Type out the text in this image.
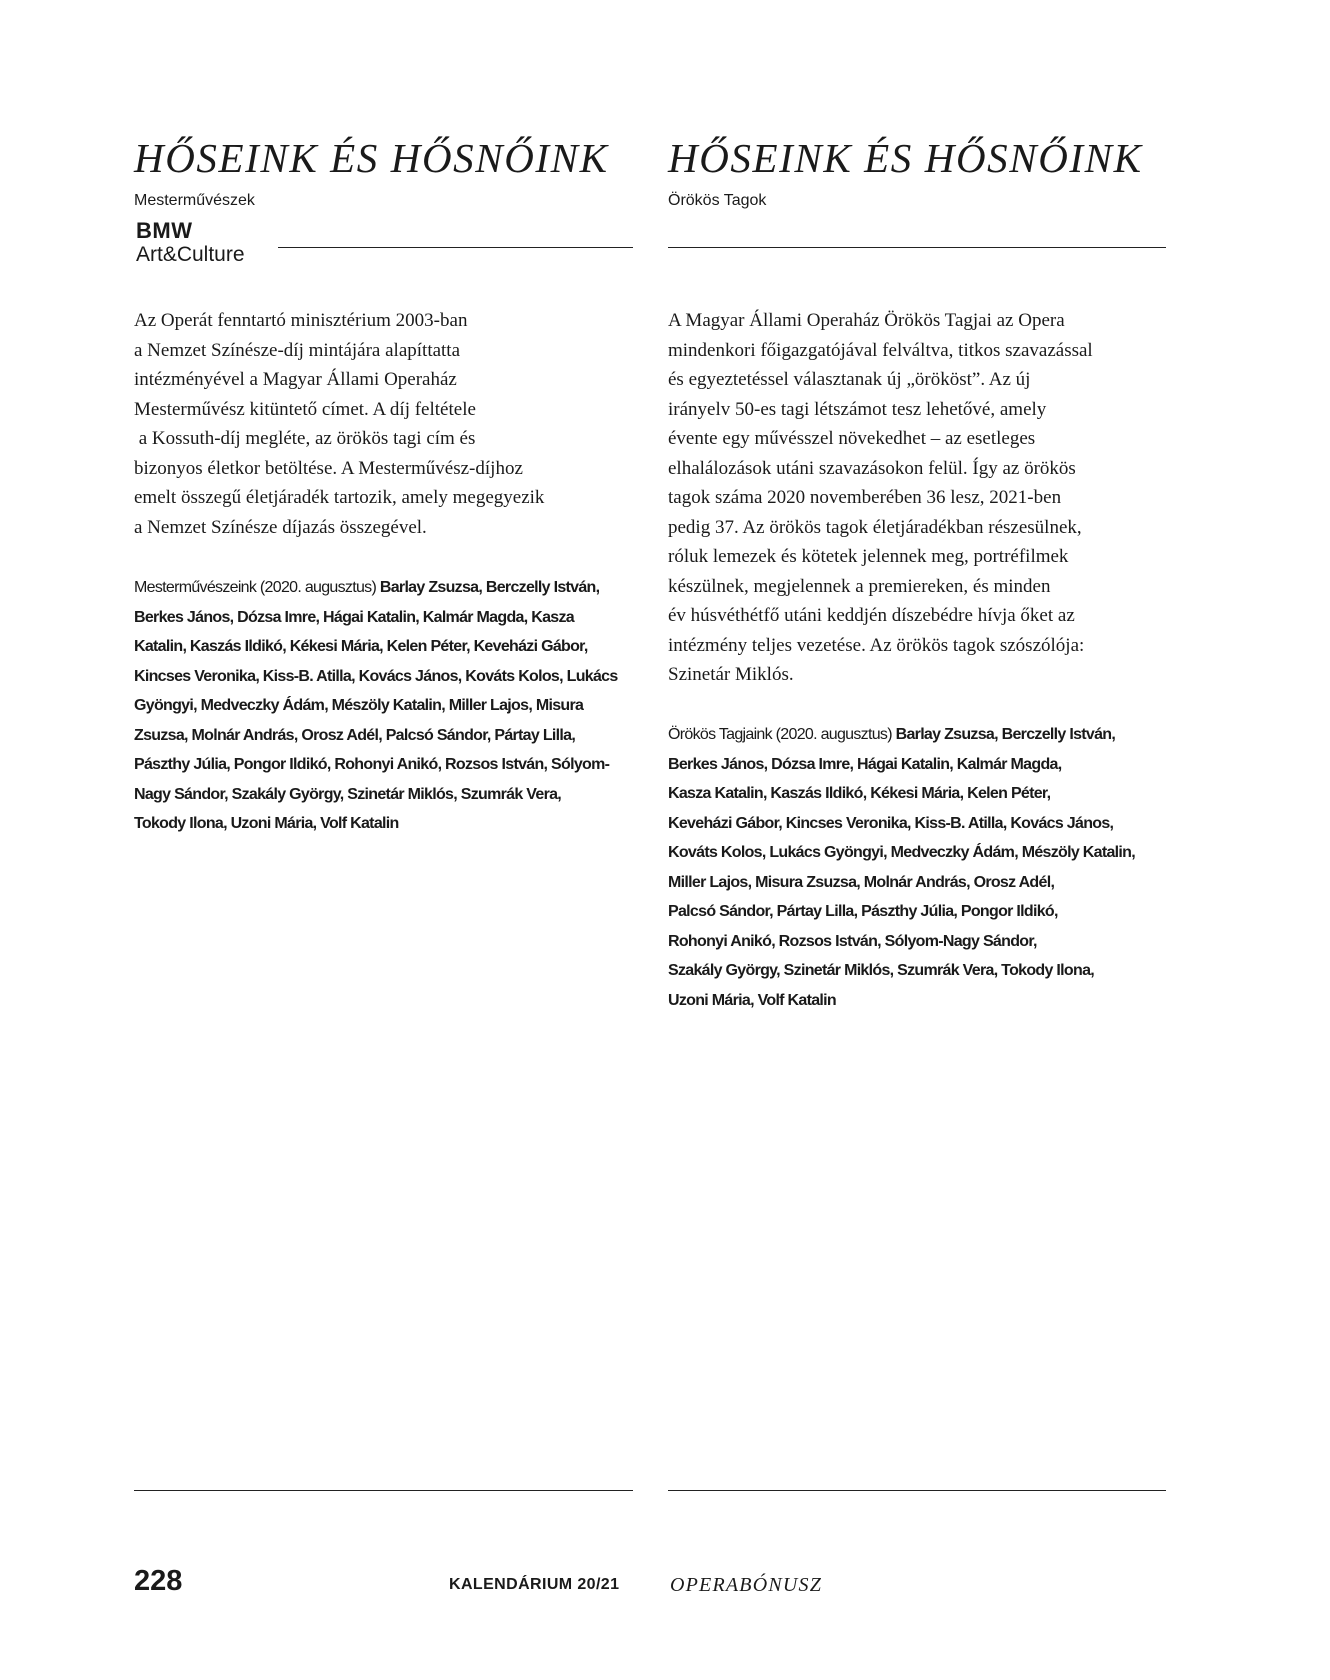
HŐSEINK ÉS HŐSNŐINK
Mesterművészek
BMW
Art&Culture

Az Operát fenntartó minisztérium 2003-ban
a Nemzet Színésze-díj mintájára alapíttatta
intézményével a Magyar Állami Operaház
Mesterművész kitüntető címet. A díj feltétele
a Kossuth-díj megléte, az örökös tagi cím és
bizonyos életkor betöltése. A Mesterművész-díjhoz
emelt összegű életjáradék tartozik, amely megegyezik
a Nemzet Színésze díjazás összegével.

Mesterművészeink (2020. augusztus) Barlay Zsuzsa, Berczelly István,
Berkes János, Dózsa Imre, Hágai Katalin, Kalmár Magda, Kasza
Katalin, Kaszás Ildikó, Kékesi Mária, Kelen Péter, Keveházi Gábor,
Kincses Veronika, Kiss-B. Atilla, Kovács János, Kováts Kolos, Lukács
Gyöngyi, Medveczky Ádám, Mészöly Katalin, Miller Lajos, Misura
Zsuzsa, Molnár András, Orosz Adél, Palcsó Sándor, Pártay Lilla,
Pászthy Júlia, Pongor Ildikó, Rohonyi Anikó, Rozsos István, Sólyom-
Nagy Sándor, Szakály György, Szinetár Miklós, Szumrák Vera,
Tokody Ilona, Uzoni Mária, Volf Katalin

HŐSEINK ÉS HŐSNŐINK
Örökös Tagok

A Magyar Állami Operaház Örökös Tagjai az Opera
mindenkori főigazgatójával felváltva, titkos szavazással
és egyeztetéssel választanak új „örököst”. Az új
irányelv 50-es tagi létszámot tesz lehetővé, amely
évente egy művésszel növekedhet – az esetleges
elhalálozások utáni szavazásokon felül. Így az örökös
tagok száma 2020 novemberében 36 lesz, 2021-ben
pedig 37. Az örökös tagok életjáradékban részesülnek,
róluk lemezek és kötetek jelennek meg, portréfilmek
készülnek, megjelennek a premiereken, és minden
év húsvéthétfő utáni keddjén díszebédre hívja őket az
intézmény teljes vezetése. Az örökös tagok szószólója:
Szinetár Miklós.

Örökös Tagjaink (2020. augusztus) Barlay Zsuzsa, Berczelly István,
Berkes János, Dózsa Imre, Hágai Katalin, Kalmár Magda,
Kasza Katalin, Kaszás Ildikó, Kékesi Mária, Kelen Péter,
Keveházi Gábor, Kincses Veronika, Kiss-B. Atilla, Kovács János,
Kováts Kolos, Lukács Gyöngyi, Medveczky Ádám, Mészöly Katalin,
Miller Lajos, Misura Zsuzsa, Molnár András, Orosz Adél,
Palcsó Sándor, Pártay Lilla, Pászthy Júlia, Pongor Ildikó,
Rohonyi Anikó, Rozsos István, Sólyom-Nagy Sándor,
Szakály György, Szinetár Miklós, Szumrák Vera, Tokody Ilona,
Uzoni Mária, Volf Katalin

228	KALENDÁRIUM 20/21	OPERABÓNUSZ
